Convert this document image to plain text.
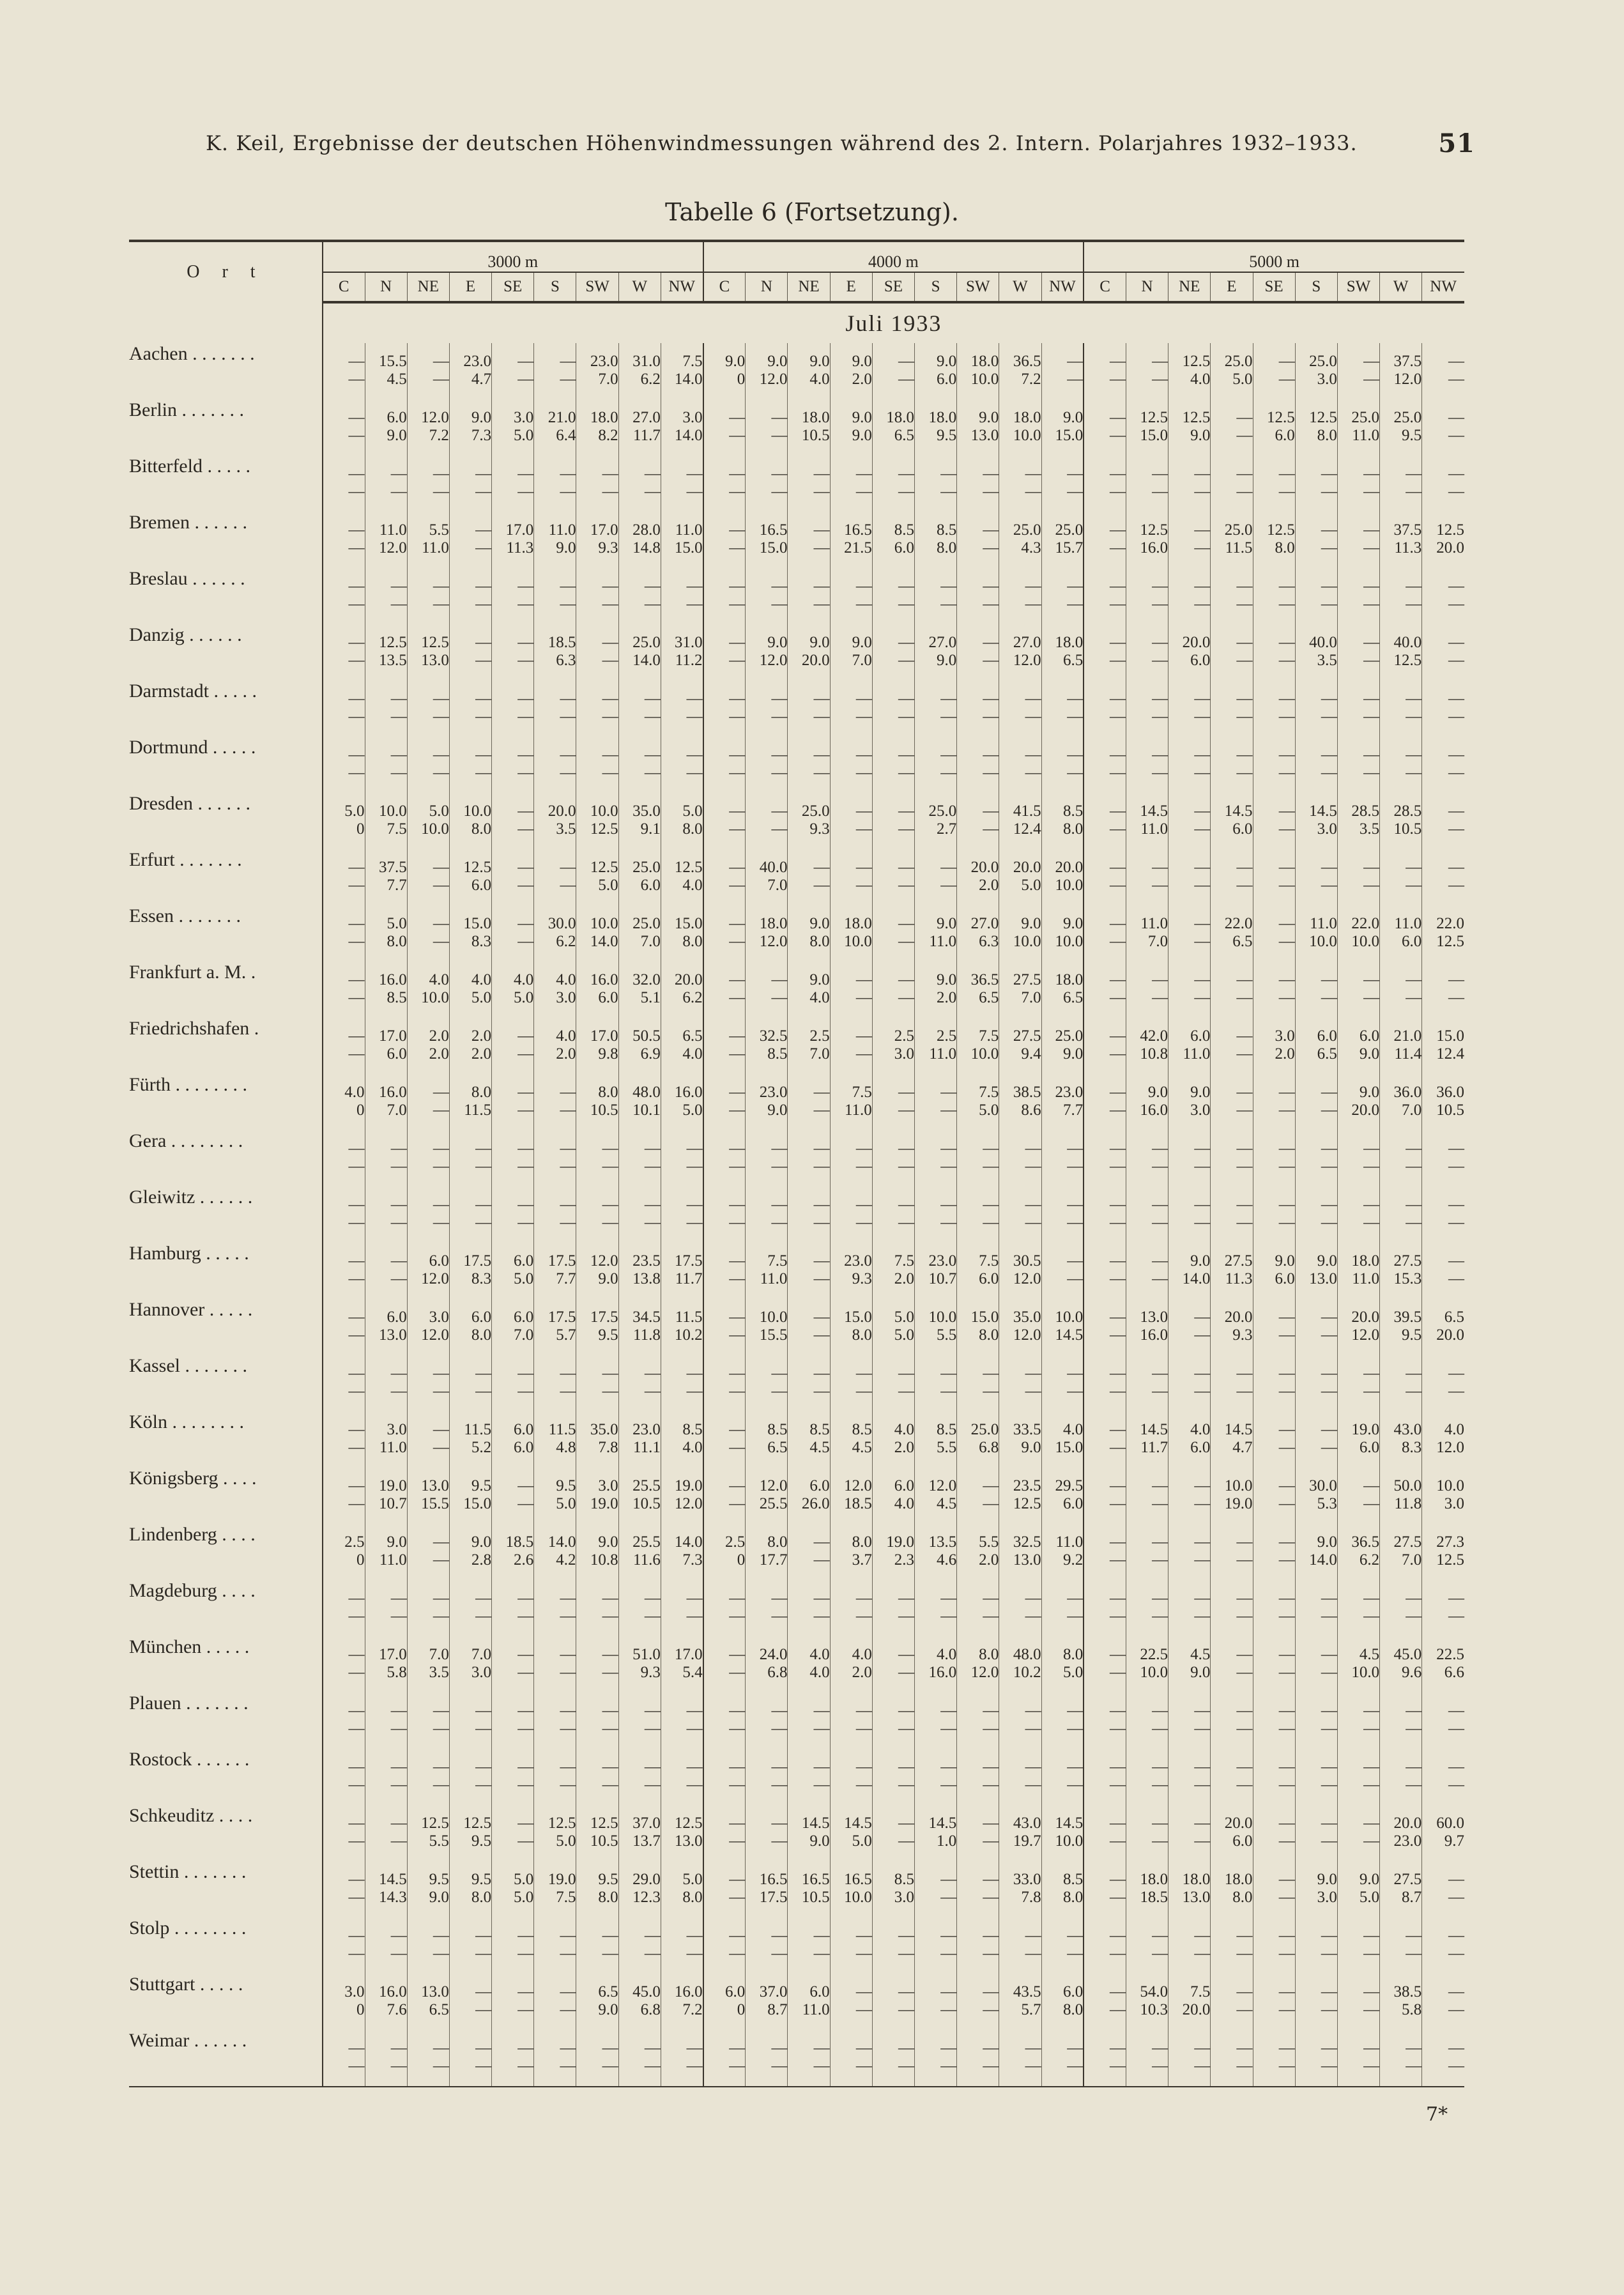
K. Keil, Ergebnisse der deutschen Höhenwindmessungen während des 2. Intern. Polarjahres 1932–1933.	51
Tabelle 6 (Fortsetzung).
O r t	3000 m									4000 m									5000 m								
	C	N	NE	E	SE	S	SW	W	NW	C	N	NE	E	SE	S	SW	W	NW	C	N	NE	E	SE	S	SW	W	NW
	Juli 1933																										
Aachen . . . . . . .	—	15.5	—	23.0	—	—	23.0	31.0	7.5	9.0	9.0	9.0	9.0	—	9.0	18.0	36.5	—	—	—	12.5	25.0	—	25.0	—	37.5	—
	—	4.5	—	4.7	—	—	7.0	6.2	14.0	0	12.0	4.0	2.0	—	6.0	10.0	7.2	—	—	—	4.0	5.0	—	3.0	—	12.0	—
Berlin . . . . . . .	—	6.0	12.0	9.0	3.0	21.0	18.0	27.0	3.0	—	—	18.0	9.0	18.0	18.0	9.0	18.0	9.0	—	12.5	12.5	—	12.5	12.5	25.0	25.0	—
	—	9.0	7.2	7.3	5.0	6.4	8.2	11.7	14.0	—	—	10.5	9.0	6.5	9.5	13.0	10.0	15.0	—	15.0	9.0	—	6.0	8.0	11.0	9.5	—
Bitterfeld . . . . .	—	—	—	—	—	—	—	—	—	—	—	—	—	—	—	—	—	—	—	—	—	—	—	—	—	—	—
	—	—	—	—	—	—	—	—	—	—	—	—	—	—	—	—	—	—	—	—	—	—	—	—	—	—	—
Bremen . . . . . .	—	11.0	5.5	—	17.0	11.0	17.0	28.0	11.0	—	16.5	—	16.5	8.5	8.5	—	25.0	25.0	—	12.5	—	25.0	12.5	—	—	37.5	12.5
	—	12.0	11.0	—	11.3	9.0	9.3	14.8	15.0	—	15.0	—	21.5	6.0	8.0	—	4.3	15.7	—	16.0	—	11.5	8.0	—	—	11.3	20.0
Breslau . . . . . .	—	—	—	—	—	—	—	—	—	—	—	—	—	—	—	—	—	—	—	—	—	—	—	—	—	—	—
	—	—	—	—	—	—	—	—	—	—	—	—	—	—	—	—	—	—	—	—	—	—	—	—	—	—	—
Danzig . . . . . .	—	12.5	12.5	—	—	18.5	—	25.0	31.0	—	9.0	9.0	9.0	—	27.0	—	27.0	18.0	—	—	20.0	—	—	40.0	—	40.0	—
	—	13.5	13.0	—	—	6.3	—	14.0	11.2	—	12.0	20.0	7.0	—	9.0	—	12.0	6.5	—	—	6.0	—	—	3.5	—	12.5	—
Darmstadt . . . . .	—	—	—	—	—	—	—	—	—	—	—	—	—	—	—	—	—	—	—	—	—	—	—	—	—	—	—
	—	—	—	—	—	—	—	—	—	—	—	—	—	—	—	—	—	—	—	—	—	—	—	—	—	—	—
Dortmund . . . . .	—	—	—	—	—	—	—	—	—	—	—	—	—	—	—	—	—	—	—	—	—	—	—	—	—	—	—
	—	—	—	—	—	—	—	—	—	—	—	—	—	—	—	—	—	—	—	—	—	—	—	—	—	—	—
Dresden . . . . . .	5.0	10.0	5.0	10.0	—	20.0	10.0	35.0	5.0	—	—	25.0	—	—	25.0	—	41.5	8.5	—	14.5	—	14.5	—	14.5	28.5	28.5	—
	0	7.5	10.0	8.0	—	3.5	12.5	9.1	8.0	—	—	9.3	—	—	2.7	—	12.4	8.0	—	11.0	—	6.0	—	3.0	3.5	10.5	—
Erfurt . . . . . . .	—	37.5	—	12.5	—	—	12.5	25.0	12.5	—	40.0	—	—	—	—	20.0	20.0	20.0	—	—	—	—	—	—	—	—	—
	—	7.7	—	6.0	—	—	5.0	6.0	4.0	—	7.0	—	—	—	—	2.0	5.0	10.0	—	—	—	—	—	—	—	—	—
Essen . . . . . . .	—	5.0	—	15.0	—	30.0	10.0	25.0	15.0	—	18.0	9.0	18.0	—	9.0	27.0	9.0	9.0	—	11.0	—	22.0	—	11.0	22.0	11.0	22.0
	—	8.0	—	8.3	—	6.2	14.0	7.0	8.0	—	12.0	8.0	10.0	—	11.0	6.3	10.0	10.0	—	7.0	—	6.5	—	10.0	10.0	6.0	12.5
Frankfurt a. M. .	—	16.0	4.0	4.0	4.0	4.0	16.0	32.0	20.0	—	—	9.0	—	—	9.0	36.5	27.5	18.0	—	—	—	—	—	—	—	—	—
	—	8.5	10.0	5.0	5.0	3.0	6.0	5.1	6.2	—	—	4.0	—	—	2.0	6.5	7.0	6.5	—	—	—	—	—	—	—	—	—
Friedrichshafen .	—	17.0	2.0	2.0	—	4.0	17.0	50.5	6.5	—	32.5	2.5	—	2.5	2.5	7.5	27.5	25.0	—	42.0	6.0	—	3.0	6.0	6.0	21.0	15.0
	—	6.0	2.0	2.0	—	2.0	9.8	6.9	4.0	—	8.5	7.0	—	3.0	11.0	10.0	9.4	9.0	—	10.8	11.0	—	2.0	6.5	9.0	11.4	12.4
Fürth . . . . . . . .	4.0	16.0	—	8.0	—	—	8.0	48.0	16.0	—	23.0	—	7.5	—	—	7.5	38.5	23.0	—	9.0	9.0	—	—	—	9.0	36.0	36.0
	0	7.0	—	11.5	—	—	10.5	10.1	5.0	—	9.0	—	11.0	—	—	5.0	8.6	7.7	—	16.0	3.0	—	—	—	20.0	7.0	10.5
Gera . . . . . . . .	—	—	—	—	—	—	—	—	—	—	—	—	—	—	—	—	—	—	—	—	—	—	—	—	—	—	—
	—	—	—	—	—	—	—	—	—	—	—	—	—	—	—	—	—	—	—	—	—	—	—	—	—	—	—
Gleiwitz . . . . . .	—	—	—	—	—	—	—	—	—	—	—	—	—	—	—	—	—	—	—	—	—	—	—	—	—	—	—
	—	—	—	—	—	—	—	—	—	—	—	—	—	—	—	—	—	—	—	—	—	—	—	—	—	—	—
Hamburg . . . . .	—	—	6.0	17.5	6.0	17.5	12.0	23.5	17.5	—	7.5	—	23.0	7.5	23.0	7.5	30.5	—	—	—	9.0	27.5	9.0	9.0	18.0	27.5	—
	—	—	12.0	8.3	5.0	7.7	9.0	13.8	11.7	—	11.0	—	9.3	2.0	10.7	6.0	12.0	—	—	—	14.0	11.3	6.0	13.0	11.0	15.3	—
Hannover . . . . .	—	6.0	3.0	6.0	6.0	17.5	17.5	34.5	11.5	—	10.0	—	15.0	5.0	10.0	15.0	35.0	10.0	—	13.0	—	20.0	—	—	20.0	39.5	6.5
	—	13.0	12.0	8.0	7.0	5.7	9.5	11.8	10.2	—	15.5	—	8.0	5.0	5.5	8.0	12.0	14.5	—	16.0	—	9.3	—	—	12.0	9.5	20.0
Kassel . . . . . . .	—	—	—	—	—	—	—	—	—	—	—	—	—	—	—	—	—	—	—	—	—	—	—	—	—	—	—
	—	—	—	—	—	—	—	—	—	—	—	—	—	—	—	—	—	—	—	—	—	—	—	—	—	—	—
Köln . . . . . . . .	—	3.0	—	11.5	6.0	11.5	35.0	23.0	8.5	—	8.5	8.5	8.5	4.0	8.5	25.0	33.5	4.0	—	14.5	4.0	14.5	—	—	19.0	43.0	4.0
	—	11.0	—	5.2	6.0	4.8	7.8	11.1	4.0	—	6.5	4.5	4.5	2.0	5.5	6.8	9.0	15.0	—	11.7	6.0	4.7	—	—	6.0	8.3	12.0
Königsberg . . . .	—	19.0	13.0	9.5	—	9.5	3.0	25.5	19.0	—	12.0	6.0	12.0	6.0	12.0	—	23.5	29.5	—	—	—	10.0	—	30.0	—	50.0	10.0
	—	10.7	15.5	15.0	—	5.0	19.0	10.5	12.0	—	25.5	26.0	18.5	4.0	4.5	—	12.5	6.0	—	—	—	19.0	—	5.3	—	11.8	3.0
Lindenberg . . . .	2.5	9.0	—	9.0	18.5	14.0	9.0	25.5	14.0	2.5	8.0	—	8.0	19.0	13.5	5.5	32.5	11.0	—	—	—	—	—	9.0	36.5	27.5	27.3
	0	11.0	—	2.8	2.6	4.2	10.8	11.6	7.3	0	17.7	—	3.7	2.3	4.6	2.0	13.0	9.2	—	—	—	—	—	14.0	6.2	7.0	12.5
Magdeburg . . . .	—	—	—	—	—	—	—	—	—	—	—	—	—	—	—	—	—	—	—	—	—	—	—	—	—	—	—
	—	—	—	—	—	—	—	—	—	—	—	—	—	—	—	—	—	—	—	—	—	—	—	—	—	—	—
München . . . . .	—	17.0	7.0	7.0	—	—	—	51.0	17.0	—	24.0	4.0	4.0	—	4.0	8.0	48.0	8.0	—	22.5	4.5	—	—	—	4.5	45.0	22.5
	—	5.8	3.5	3.0	—	—	—	9.3	5.4	—	6.8	4.0	2.0	—	16.0	12.0	10.2	5.0	—	10.0	9.0	—	—	—	10.0	9.6	6.6
Plauen . . . . . . .	—	—	—	—	—	—	—	—	—	—	—	—	—	—	—	—	—	—	—	—	—	—	—	—	—	—	—
	—	—	—	—	—	—	—	—	—	—	—	—	—	—	—	—	—	—	—	—	—	—	—	—	—	—	—
Rostock . . . . . .	—	—	—	—	—	—	—	—	—	—	—	—	—	—	—	—	—	—	—	—	—	—	—	—	—	—	—
	—	—	—	—	—	—	—	—	—	—	—	—	—	—	—	—	—	—	—	—	—	—	—	—	—	—	—
Schkeuditz . . . .	—	—	12.5	12.5	—	12.5	12.5	37.0	12.5	—	—	14.5	14.5	—	14.5	—	43.0	14.5	—	—	—	20.0	—	—	—	20.0	60.0
	—	—	5.5	9.5	—	5.0	10.5	13.7	13.0	—	—	9.0	5.0	—	1.0	—	19.7	10.0	—	—	—	6.0	—	—	—	23.0	9.7
Stettin . . . . . . .	—	14.5	9.5	9.5	5.0	19.0	9.5	29.0	5.0	—	16.5	16.5	16.5	8.5	—	—	33.0	8.5	—	18.0	18.0	18.0	—	9.0	9.0	27.5	—
	—	14.3	9.0	8.0	5.0	7.5	8.0	12.3	8.0	—	17.5	10.5	10.0	3.0	—	—	7.8	8.0	—	18.5	13.0	8.0	—	3.0	5.0	8.7	—
Stolp . . . . . . . .	—	—	—	—	—	—	—	—	—	—	—	—	—	—	—	—	—	—	—	—	—	—	—	—	—	—	—
	—	—	—	—	—	—	—	—	—	—	—	—	—	—	—	—	—	—	—	—	—	—	—	—	—	—	—
Stuttgart . . . . .	3.0	16.0	13.0	—	—	—	6.5	45.0	16.0	6.0	37.0	6.0	—	—	—	—	43.5	6.0	—	54.0	7.5	—	—	—	—	38.5	—
	0	7.6	6.5	—	—	—	9.0	6.8	7.2	0	8.7	11.0	—	—	—	—	5.7	8.0	—	10.3	20.0	—	—	—	—	5.8	—
Weimar . . . . . .	—	—	—	—	—	—	—	—	—	—	—	—	—	—	—	—	—	—	—	—	—	—	—	—	—	—	—
	—	—	—	—	—	—	—	—	—	—	—	—	—	—	—	—	—	—	—	—	—	—	—	—	—	—	—

7*
